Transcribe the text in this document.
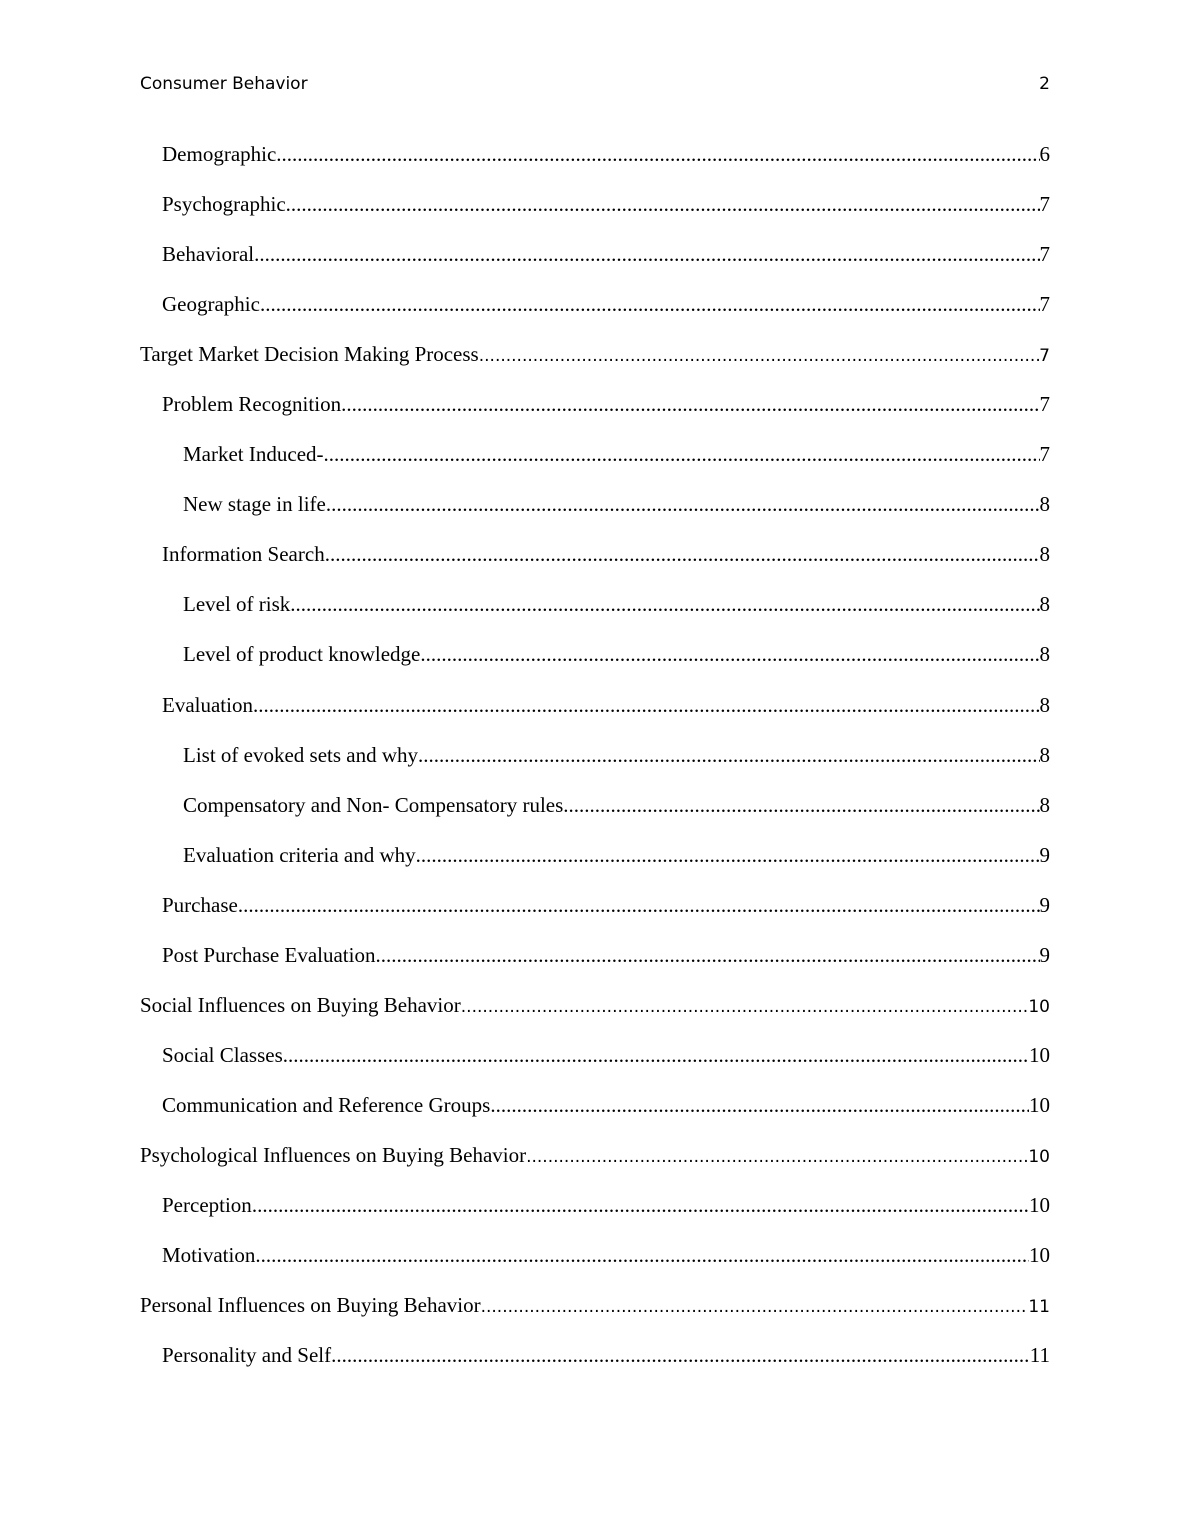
Consumer Behavior	2
Demographic .....	6
Psychographic .....	7
Behavioral .....	7
Geographic .....	7
Target Market Decision Making Process .....	7
Problem Recognition .....	7
Market Induced- .....	7
New stage in life .....	8
Information Search .....	8
Level of risk .....	8
Level of product knowledge .....	8
Evaluation .....	8
List of evoked sets and why .....	8
Compensatory and Non- Compensatory rules .....	8
Evaluation criteria and why .....	9
Purchase .....	9
Post Purchase Evaluation .....	9
Social Influences on Buying Behavior .....	10
Social Classes .....	10
Communication and Reference Groups .....	10
Psychological Influences on Buying Behavior .....	10
Perception .....	10
Motivation .....	10
Personal Influences on Buying Behavior .....	11
Personality and Self .....	11
